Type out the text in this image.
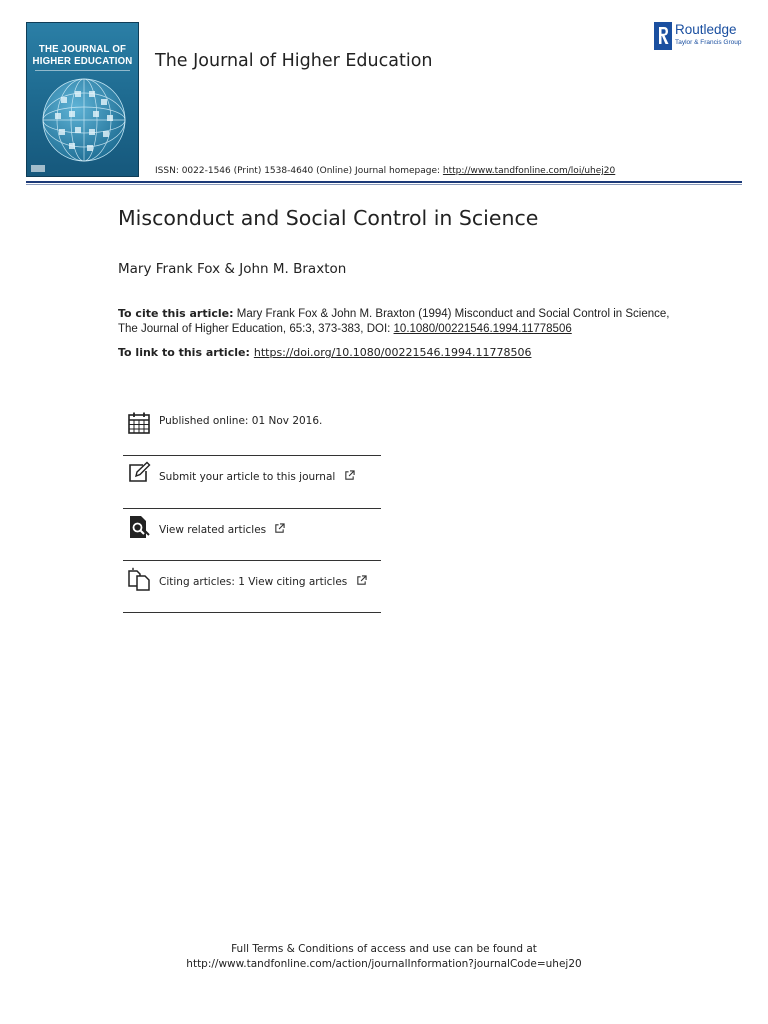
THE JOURNAL OF
HIGHER EDUCATION The Journal of Higher Education
Routledge
Taylor & Francis Group
ISSN: 0022-1546 (Print) 1538-4640 (Online) Journal homepage: http://www.tandfonline.com/loi/uhej20
Misconduct and Social Control in Science
Mary Frank Fox & John M. Braxton
To cite this article: Mary Frank Fox & John M. Braxton (1994) Misconduct and Social Control in Science, The Journal of Higher Education, 65:3, 373-383, DOI: 10.1080/00221546.1994.11778506
To link to this article: https://doi.org/10.1080/00221546.1994.11778506
Published online: 01 Nov 2016.
Submit your article to this journal
View related articles
Citing articles: 1 View citing articles
Full Terms & Conditions of access and use can be found at
http://www.tandfonline.com/action/journalInformation?journalCode=uhej20
